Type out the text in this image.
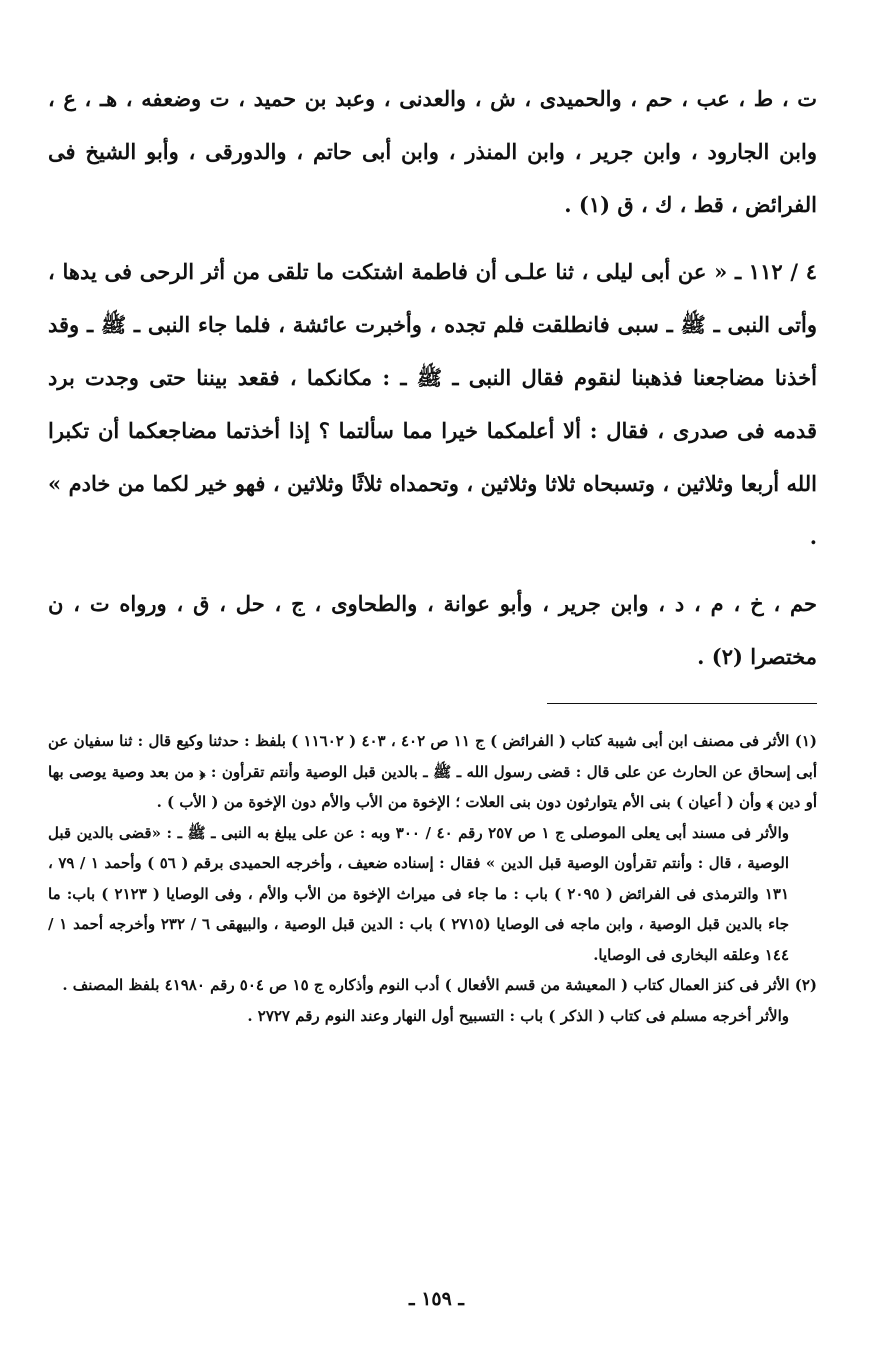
ت ، ط ، عب ، حم ، والحميدى ، ش ، والعدنى ، وعبد بن حميد ، ت وضعفه ، هـ ، ع ، وابن الجارود ، وابن جرير ، وابن المنذر ، وابن أبى حاتم ، والدورقى ، وأبو الشيخ فى الفرائض ، قط ، ك ، ق (١) .

٤ / ١١٢ ـ « عن أبى ليلى ، ثنا علـى أن فاطمة اشتكت ما تلقى من أثر الرحى فى يدها ، وأتى النبى ـ ﷺ ـ سبى فانطلقت فلم تجده ، وأخبرت عائشة ، فلما جاء النبى ـ ﷺ ـ وقد أخذنا مضاجعنا فذهبنا لنقوم فقال النبى ـ ﷺ ـ : مكانكما ، فقعد بيننا حتى وجدت برد قدمه فى صدرى ، فقال : ألا أعلمكما خيرا مما سألتما ؟ إذا أخذتما مضاجعكما أن تكبرا الله أربعا وثلاثين ، وتسبحاه ثلاثا وثلاثين ، وتحمداه ثلاثًا وثلاثين ، فهو خير لكما من خادم » .

حم ، خ ، م ، د ، وابن جرير ، وأبو عوانة ، والطحاوى ، ج ، حل ، ق ، ورواه ت ، ن مختصرا (٢) .

(١) الأثر فى مصنف ابن أبى شيبة كتاب ( الفرائض ) ج ١١ ص ٤٠٢ ، ٤٠٣ ( ١١٦٠٢ ) بلفظ : حدثنا وكيع قال : ثنا سفيان عن أبى إسحاق عن الحارث عن على قال : قضى رسول الله ـ ﷺ ـ بالدين قبل الوصية وأنتم تقرأون : ﴿ من بعد وصية يوصى بها أو دين ﴾ وأن ( أعيان ) بنى الأم يتوارثون دون بنى العلات ؛ الإخوة من الأب والأم دون الإخوة من ( الأب ) .

والأثر فى مسند أبى يعلى الموصلى ج ١ ص ٢٥٧ رقم ٤٠ / ٣٠٠ وبه : عن على يبلغ به النبى ـ ﷺ ـ : «قضى بالدين قبل الوصية ، قال : وأنتم تقرأون الوصية قبل الدين » فقال : إسناده ضعيف ، وأخرجه الحميدى برقم ( ٥٦ ) وأحمد ١ / ٧٩ ، ١٣١ والترمذى فى الفرائض ( ٢٠٩٥ ) باب : ما جاء فى ميراث الإخوة من الأب والأم ، وفى الوصايا ( ٢١٢٣ ) باب: ما جاء بالدين قبل الوصية ، وابن ماجه فى الوصايا (٢٧١٥ ) باب : الدين قبل الوصية ، والبيهقى ٦ / ٢٣٢ وأخرجه أحمد ١ / ١٤٤ وعلقه البخارى فى الوصايا.

(٢) الأثر فى كنز العمال كتاب ( المعيشة من قسم الأفعال ) أدب النوم وأذكاره ج ١٥ ص ٥٠٤ رقم ٤١٩٨٠ بلفظ المصنف .

والأثر أخرجه مسلم فى كتاب ( الذكر ) باب : التسبيح أول النهار وعند النوم رقم ٢٧٢٧ .

ـ ١٥٩ ـ
